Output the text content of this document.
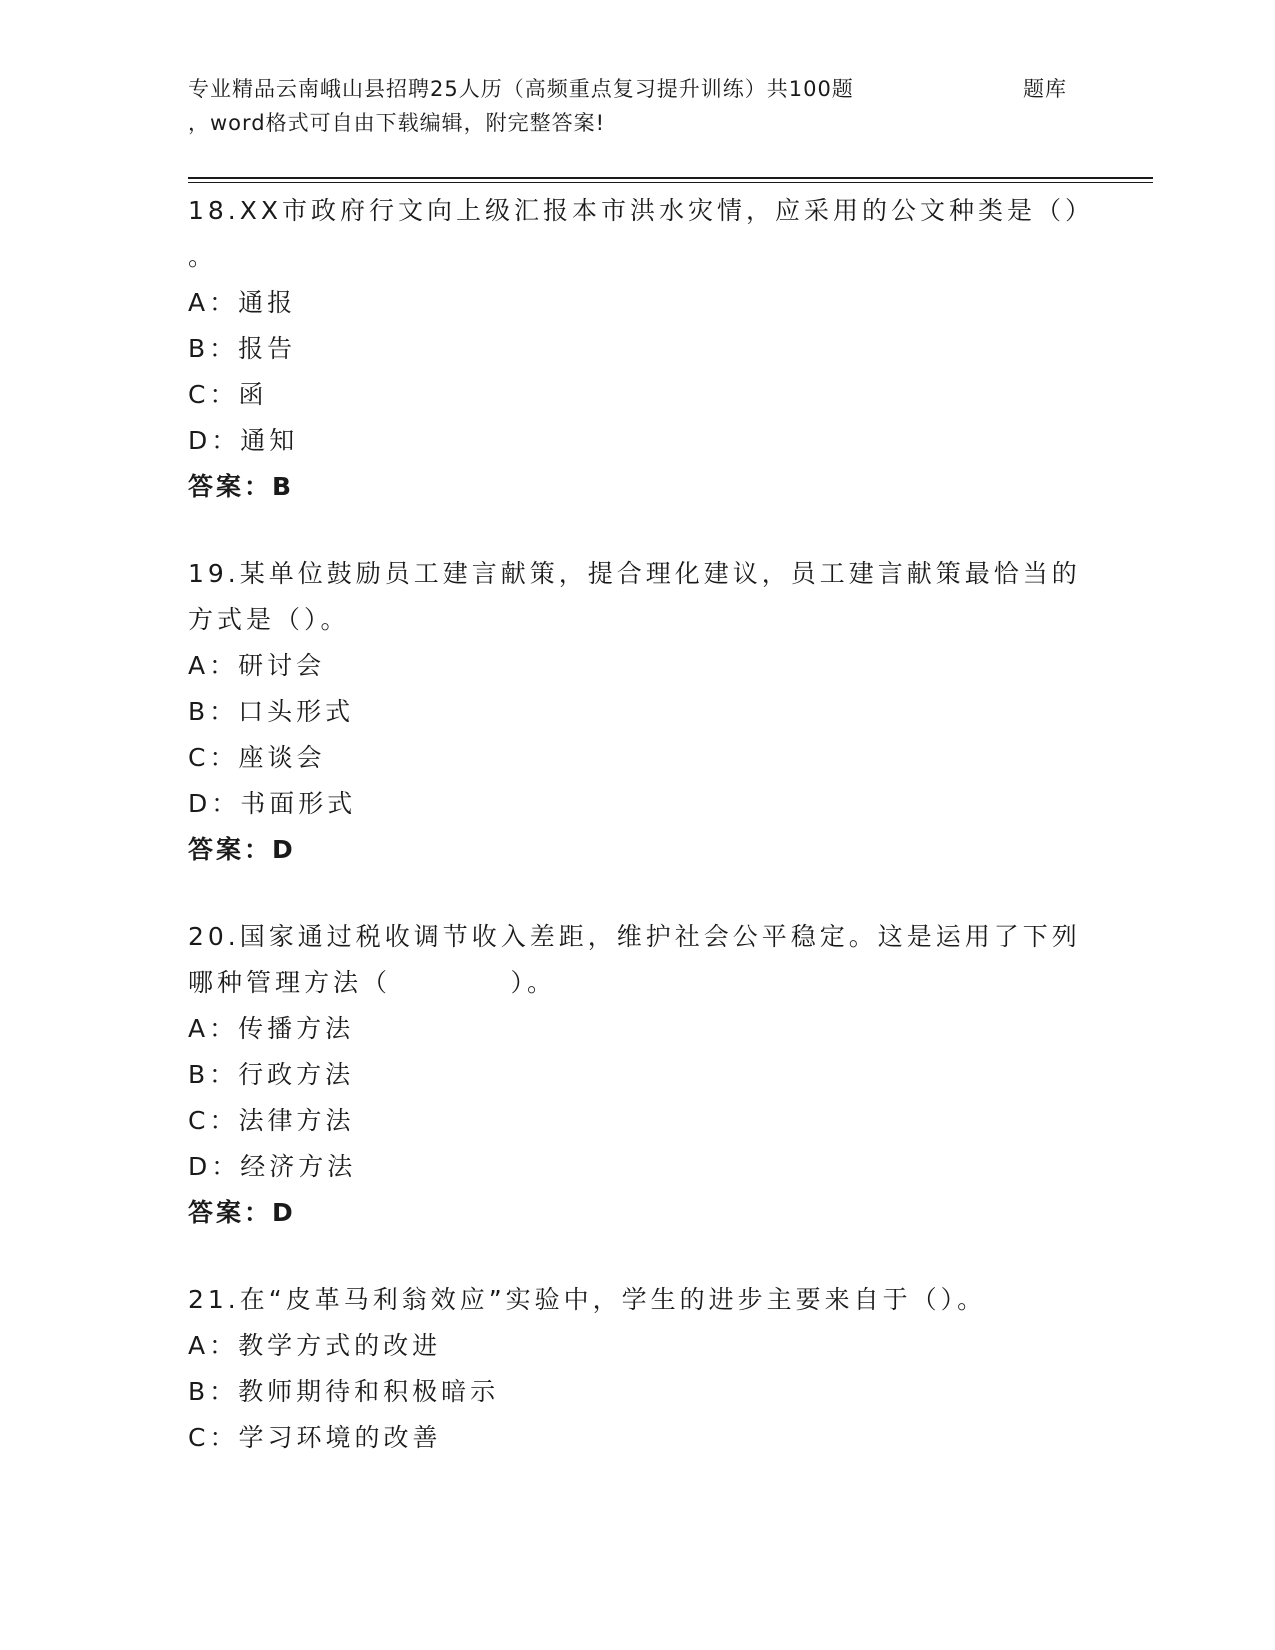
专业精品云南峨山县招聘25人历（高频重点复习提升训练）共100题	题库
，word格式可自由下载编辑，附完整答案!
18.XX市政府行文向上级汇报本市洪水灾情，应采用的公文种类是（）
。
A：通报
B：报告
C：函
D：通知
答案：B
19.某单位鼓励员工建言献策，提合理化建议，员工建言献策最恰当的
方式是（）。
A：研讨会
B：口头形式
C：座谈会
D：书面形式
答案：D
20.国家通过税收调节收入差距，维护社会公平稳定。这是运用了下列
哪种管理方法（          ）。
A：传播方法
B：行政方法
C：法律方法
D：经济方法
答案：D
21.在“皮革马利翁效应”实验中，学生的进步主要来自于（）。
A：教学方式的改进
B：教师期待和积极暗示
C：学习环境的改善
